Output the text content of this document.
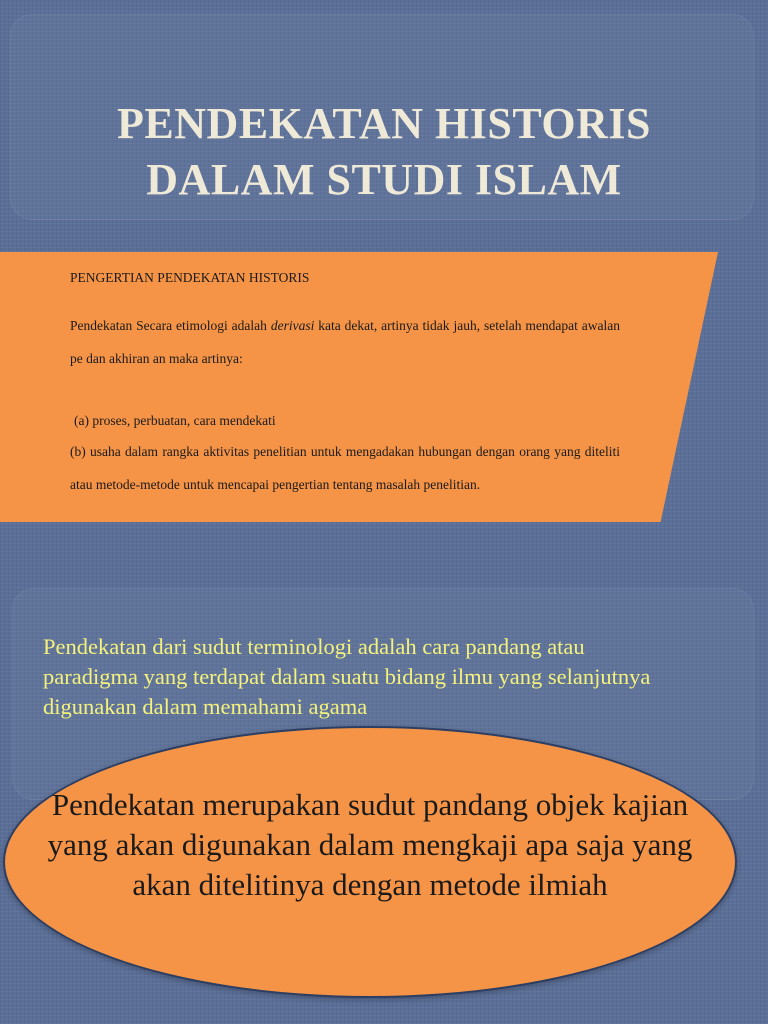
PENDEKATAN HISTORIS
DALAM STUDI ISLAM

PENGERTIAN PENDEKATAN HISTORIS

Pendekatan Secara etimologi adalah derivasi kata dekat, artinya tidak jauh, setelah mendapat awalan pe dan akhiran an maka artinya:

(a) proses, perbuatan, cara mendekati

(b) usaha dalam rangka aktivitas penelitian untuk mengadakan hubungan dengan orang yang diteliti atau metode-metode untuk mencapai pengertian tentang masalah penelitian.

Pendekatan dari sudut terminologi adalah cara pandang atau paradigma yang terdapat dalam suatu bidang ilmu yang selanjutnya digunakan dalam memahami agama

Pendekatan merupakan sudut pandang objek kajian yang akan digunakan dalam mengkaji apa saja yang akan ditelitinya dengan metode ilmiah
